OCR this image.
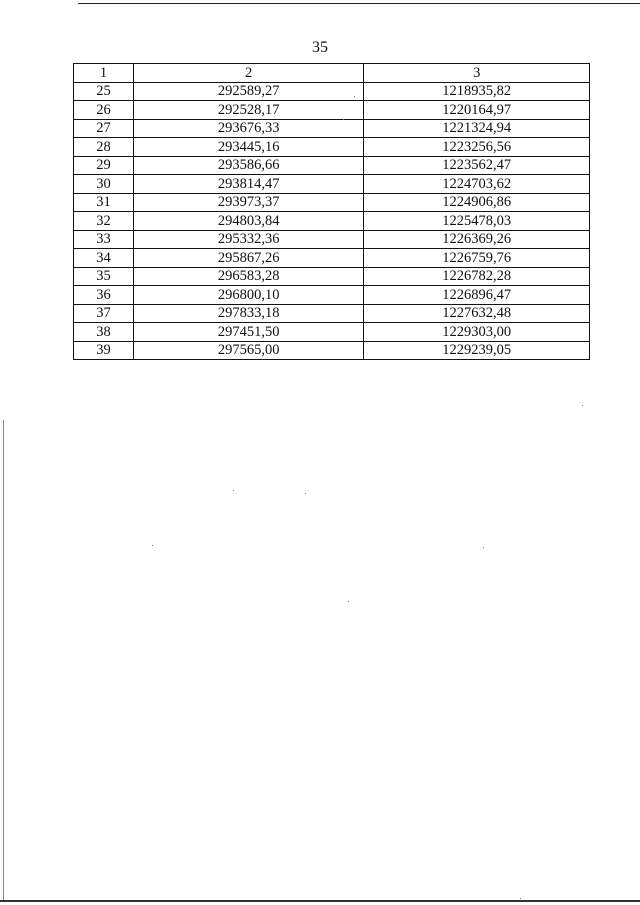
35
1	2	3
25	292589,27	1218935,82
26	292528,17	1220164,97
27	293676,33	1221324,94
28	293445,16	1223256,56
29	293586,66	1223562,47
30	293814,47	1224703,62
31	293973,37	1224906,86
32	294803,84	1225478,03
33	295332,36	1226369,26
34	295867,26	1226759,76
35	296583,28	1226782,28
36	296800,10	1226896,47
37	297833,18	1227632,48
38	297451,50	1229303,00
39	297565,00	1229239,05
